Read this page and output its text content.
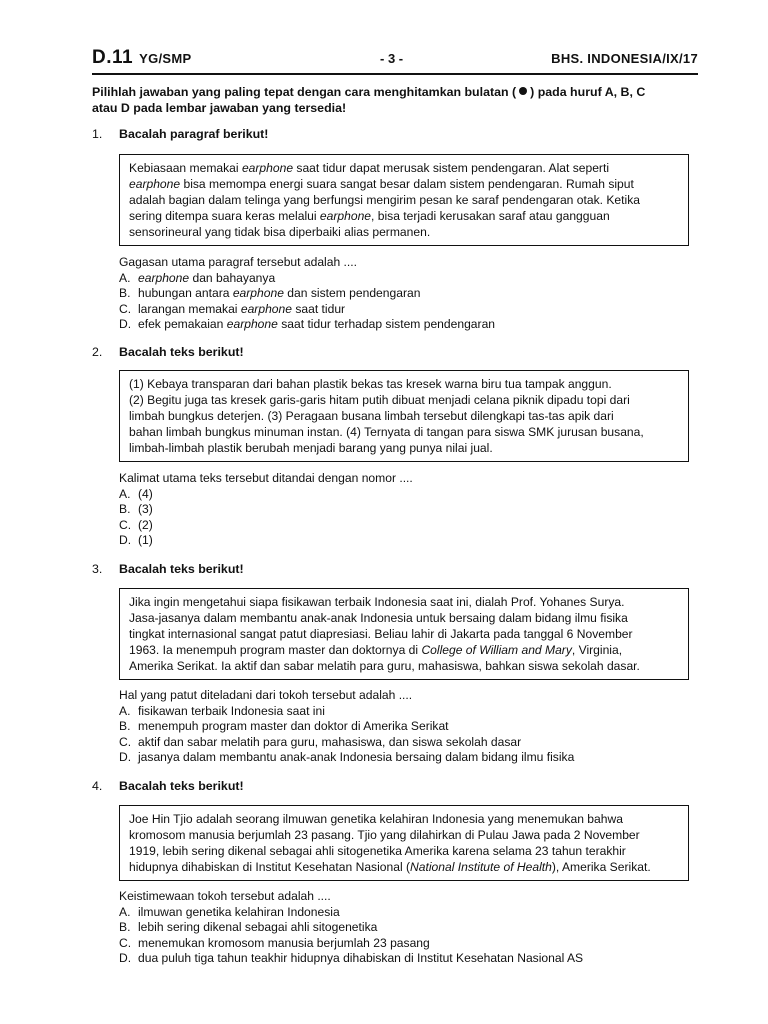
D.11 YG/SMP	- 3 -	BHS. INDONESIA/IX/17
Pilihlah jawaban yang paling tepat dengan cara menghitamkan bulatan ( ) pada huruf A, B, C
atau D pada lembar jawaban yang tersedia!
1. Bacalah paragraf berikut!
Kebiasaan memakai earphone saat tidur dapat merusak sistem pendengaran. Alat seperti
earphone bisa memompa energi suara sangat besar dalam sistem pendengaran. Rumah siput
adalah bagian dalam telinga yang berfungsi mengirim pesan ke saraf pendengaran otak. Ketika
sering ditempa suara keras melalui earphone, bisa terjadi kerusakan saraf atau gangguan
sensorineural yang tidak bisa diperbaiki alias permanen.
Gagasan utama paragraf tersebut adalah ....
A. earphone dan bahayanya
B. hubungan antara earphone dan sistem pendengaran
C. larangan memakai earphone saat tidur
D. efek pemakaian earphone saat tidur terhadap sistem pendengaran
2. Bacalah teks berikut!
(1) Kebaya transparan dari bahan plastik bekas tas kresek warna biru tua tampak anggun.
(2) Begitu juga tas kresek garis-garis hitam putih dibuat menjadi celana piknik dipadu topi dari
limbah bungkus deterjen. (3) Peragaan busana limbah tersebut dilengkapi tas-tas apik dari
bahan limbah bungkus minuman instan. (4) Ternyata di tangan para siswa SMK jurusan busana,
limbah-limbah plastik berubah menjadi barang yang punya nilai jual.
Kalimat utama teks tersebut ditandai dengan nomor ....
A. (4)
B. (3)
C. (2)
D. (1)
3. Bacalah teks berikut!
Jika ingin mengetahui siapa fisikawan terbaik Indonesia saat ini, dialah Prof. Yohanes Surya.
Jasa-jasanya dalam membantu anak-anak Indonesia untuk bersaing dalam bidang ilmu fisika
tingkat internasional sangat patut diapresiasi. Beliau lahir di Jakarta pada tanggal 6 November
1963. Ia menempuh program master dan doktornya di College of William and Mary, Virginia,
Amerika Serikat. Ia aktif dan sabar melatih para guru, mahasiswa, bahkan siswa sekolah dasar.
Hal yang patut diteladani dari tokoh tersebut adalah ....
A. fisikawan terbaik Indonesia saat ini
B. menempuh program master dan doktor di Amerika Serikat
C. aktif dan sabar melatih para guru, mahasiswa, dan siswa sekolah dasar
D. jasanya dalam membantu anak-anak Indonesia bersaing dalam bidang ilmu fisika
4. Bacalah teks berikut!
Joe Hin Tjio adalah seorang ilmuwan genetika kelahiran Indonesia yang menemukan bahwa
kromosom manusia berjumlah 23 pasang. Tjio yang dilahirkan di Pulau Jawa pada 2 November
1919, lebih sering dikenal sebagai ahli sitogenetika Amerika karena selama 23 tahun terakhir
hidupnya dihabiskan di Institut Kesehatan Nasional (National Institute of Health), Amerika Serikat.
Keistimewaan tokoh tersebut adalah ....
A. ilmuwan genetika kelahiran Indonesia
B. lebih sering dikenal sebagai ahli sitogenetika
C. menemukan kromosom manusia berjumlah 23 pasang
D. dua puluh tiga tahun teakhir hidupnya dihabiskan di Institut Kesehatan Nasional AS
